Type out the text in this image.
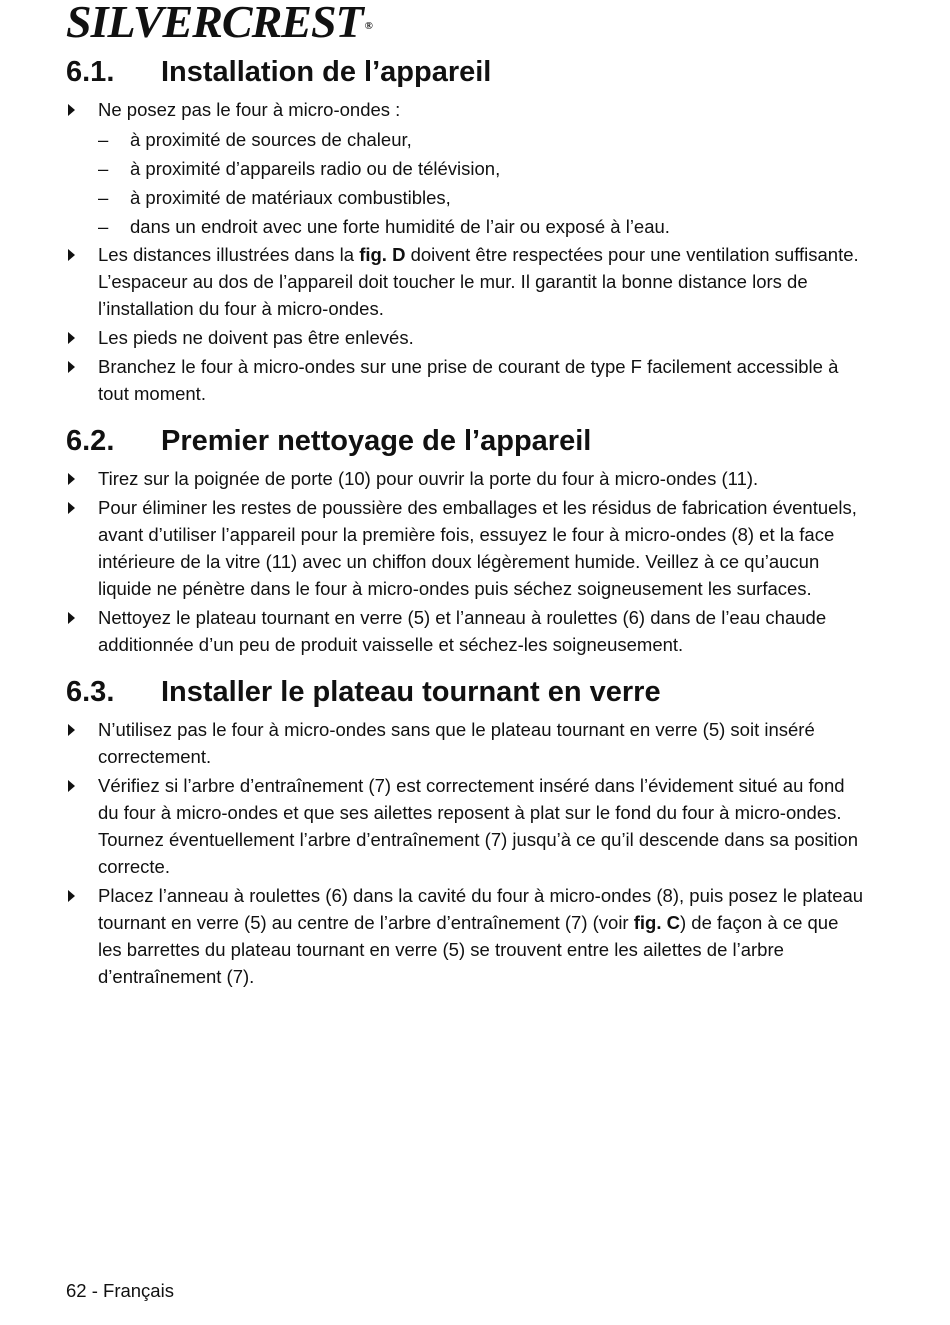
SILVERCREST ®
6.1.	Installation de l’appareil
Ne posez pas le four à micro-ondes :
– à proximité de sources de chaleur,
– à proximité d’appareils radio ou de télévision,
– à proximité de matériaux combustibles,
– dans un endroit avec une forte humidité de l’air ou exposé à l’eau.
Les distances illustrées dans la fig. D doivent être respectées pour une ventilation suffisante. L’espaceur au dos de l’appareil doit toucher le mur. Il garantit la bonne distance lors de l’installation du four à micro-ondes.
Les pieds ne doivent pas être enlevés.
Branchez le four à micro-ondes sur une prise de courant de type F facilement accessible à tout moment.
6.2.	Premier nettoyage de l’appareil
Tirez sur la poignée de porte (10) pour ouvrir la porte du four à micro-ondes (11).
Pour éliminer les restes de poussière des emballages et les résidus de fabrication éventuels, avant d’utiliser l’appareil pour la première fois, essuyez le four à micro-ondes (8) et la face intérieure de la vitre (11) avec un chiffon doux légèrement humide. Veillez à ce qu’aucun liquide ne pénètre dans le four à micro-ondes puis séchez soigneusement les surfaces.
Nettoyez le plateau tournant en verre (5) et l’anneau à roulettes (6) dans de l’eau chaude additionnée d’un peu de produit vaisselle et séchez-les soigneusement.
6.3.	Installer le plateau tournant en verre
N’utilisez pas le four à micro-ondes sans que le plateau tournant en verre (5) soit inséré correctement.
Vérifiez si l’arbre d’entraînement (7) est correctement inséré dans l’évidement situé au fond du four à micro-ondes et que ses ailettes reposent à plat sur le fond du four à micro-ondes. Tournez éventuellement l’arbre d’entraînement (7) jusqu’à ce qu’il descende dans sa position correcte.
Placez l’anneau à roulettes (6) dans la cavité du four à micro-ondes (8), puis posez le plateau tournant en verre (5) au centre de l’arbre d’entraînement (7) (voir fig. C) de façon à ce que les barrettes du plateau tournant en verre (5) se trouvent entre les ailettes de l’arbre d’entraînement (7).
62 - Français
